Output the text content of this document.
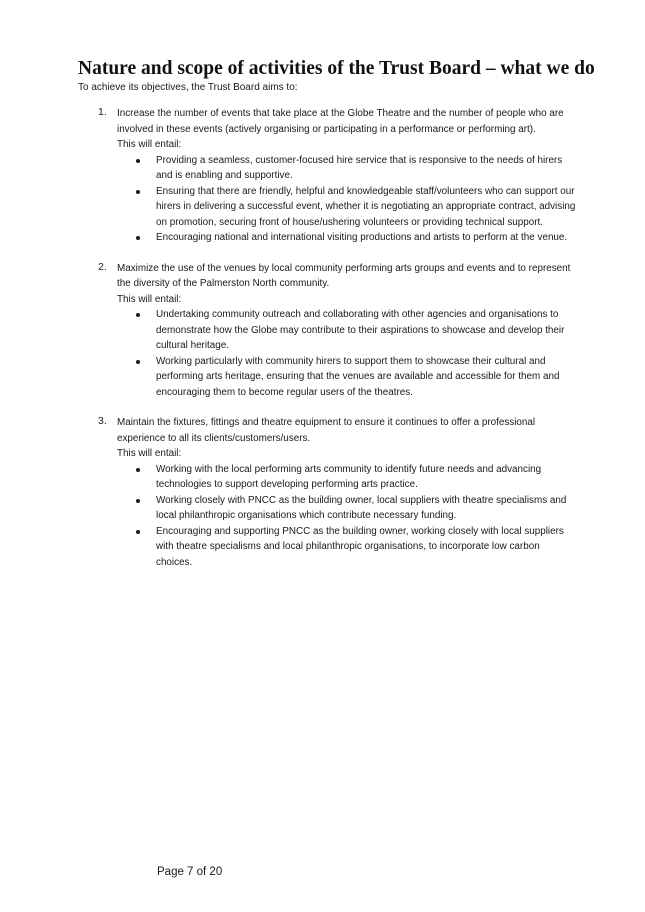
Nature and scope of activities of the Trust Board – what we do

To achieve its objectives, the Trust Board aims to:

1. Increase the number of events that take place at the Globe Theatre and the number of people who are involved in these events (actively organising or participating in a performance or performing art).

This will entail:

Providing a seamless, customer-focused hire service that is responsive to the needs of hirers and is enabling and supportive.
Ensuring that there are friendly, helpful and knowledgeable staff/volunteers who can support our hirers in delivering a successful event, whether it is negotiating an appropriate contract, advising on promotion, securing front of house/ushering volunteers or providing technical support.
Encouraging national and international visiting productions and artists to perform at the venue.
2. Maximize the use of the venues by local community performing arts groups and events and to represent the diversity of the Palmerston North community.

This will entail:

Undertaking community outreach and collaborating with other agencies and organisations to demonstrate how the Globe may contribute to their aspirations to showcase and develop their cultural heritage.
Working particularly with community hirers to support them to showcase their cultural and performing arts heritage, ensuring that the venues are available and accessible for them and encouraging them to become regular users of the theatres.
3. Maintain the fixtures, fittings and theatre equipment to ensure it continues to offer a professional experience to all its clients/customers/users.

This will entail:

Working with the local performing arts community to identify future needs and advancing technologies to support developing performing arts practice.
Working closely with PNCC as the building owner, local suppliers with theatre specialisms and local philanthropic organisations which contribute necessary funding.
Encouraging and supporting PNCC as the building owner, working closely with local suppliers with theatre specialisms and local philanthropic organisations, to incorporate low carbon choices.

Page 7 of 20
